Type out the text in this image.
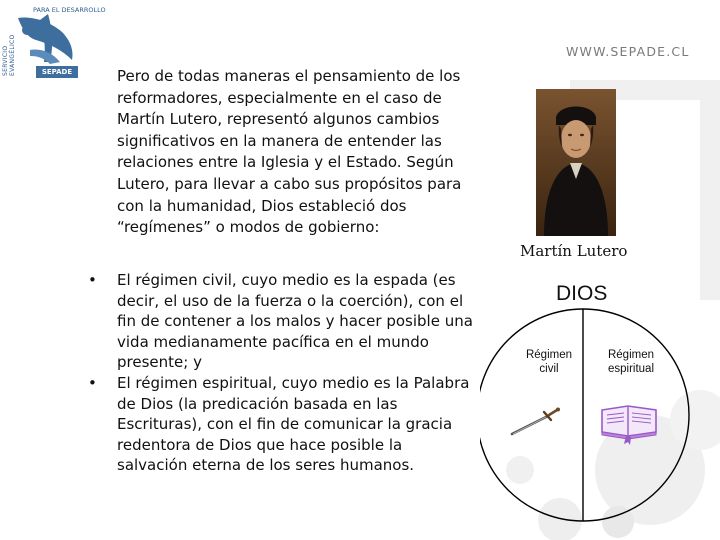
SERVICIO EVANGÉLICO
PARA EL DESARROLLO
SEPADE
WWW.SEPADE.CL
Pero de todas maneras el pensamiento de los reformadores, especialmente en el caso de Martín Lutero, representó algunos cambios significativos en la manera de entender las relaciones entre la Iglesia y el Estado. Según Lutero, para llevar a cabo sus propósitos para con la humanidad, Dios estableció dos “regímenes” o modos de gobierno:
• El régimen civil, cuyo medio es la espada (es decir, el uso de la fuerza o la coerción), con el fin de contener a los malos y hacer posible una vida medianamente pacífica en el mundo presente; y
• El régimen espiritual, cuyo medio es la Palabra de Dios (la predicación basada en las Escrituras), con el fin de comunicar la gracia redentora de Dios que hace posible la salvación eterna de los seres humanos.
Martín Lutero
DIOS
Régimen civil
Régimen espiritual
